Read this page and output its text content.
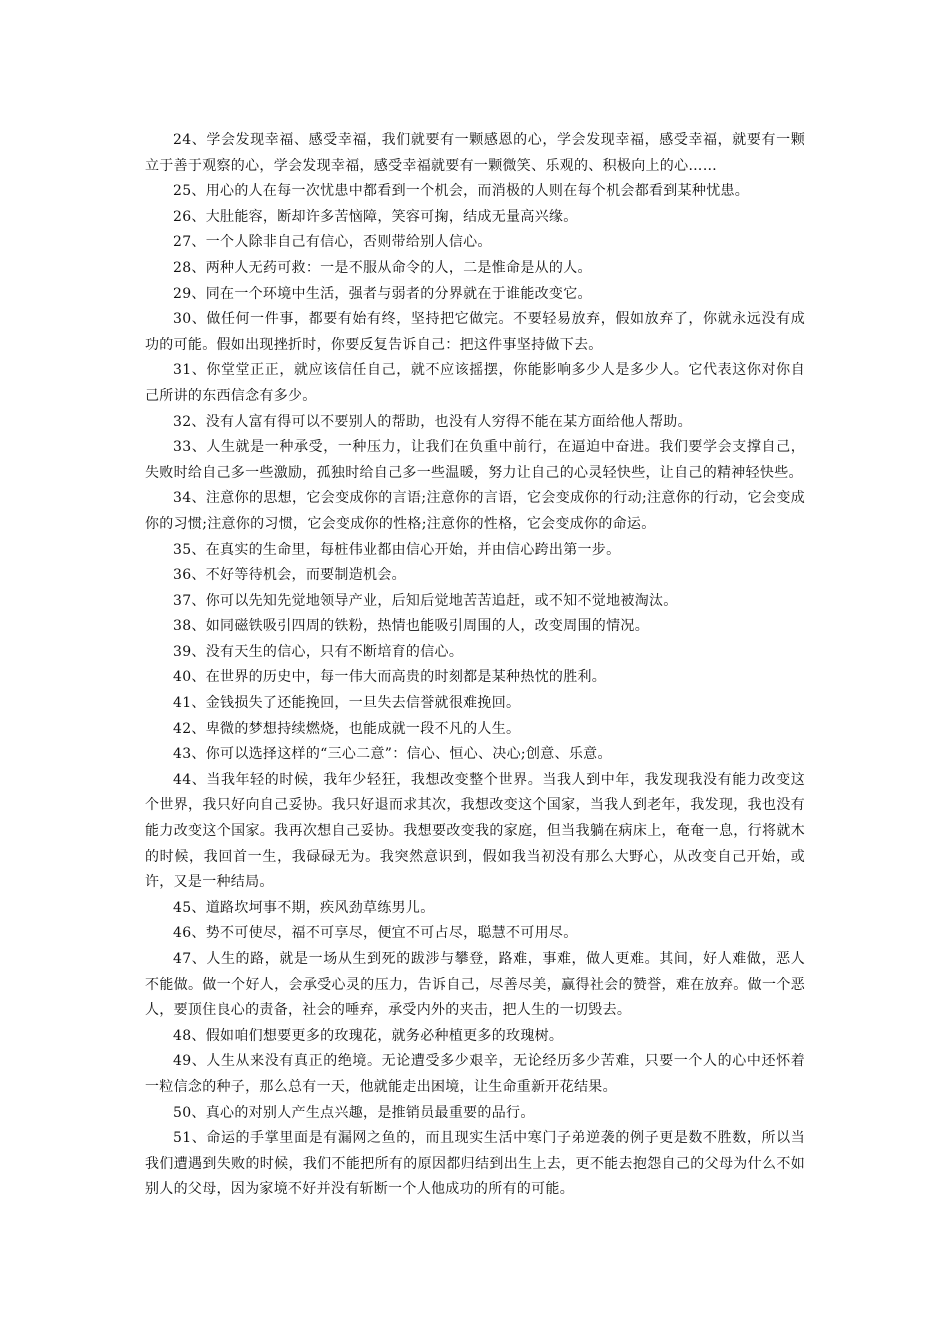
24、学会发现幸福、感受幸福，我们就要有一颗感恩的心，学会发现幸福，感受幸福，就要有一颗立于善于观察的心，学会发现幸福，感受幸福就要有一颗微笑、乐观的、积极向上的心……

25、用心的人在每一次忧患中都看到一个机会，而消极的人则在每个机会都看到某种忧患。

26、大肚能容，断却许多苦恼障，笑容可掬，结成无量高兴缘。

27、一个人除非自己有信心，否则带给别人信心。

28、两种人无药可救：一是不服从命令的人，二是惟命是从的人。

29、同在一个环境中生活，强者与弱者的分界就在于谁能改变它。

30、做任何一件事，都要有始有终，坚持把它做完。不要轻易放弃，假如放弃了，你就永远没有成功的可能。假如出现挫折时，你要反复告诉自己：把这件事坚持做下去。

31、你堂堂正正，就应该信任自己，就不应该摇摆，你能影响多少人是多少人。它代表这你对你自己所讲的东西信念有多少。

32、没有人富有得可以不要别人的帮助，也没有人穷得不能在某方面给他人帮助。

33、人生就是一种承受，一种压力，让我们在负重中前行，在逼迫中奋进。我们要学会支撑自己，失败时给自己多一些激励，孤独时给自己多一些温暖，努力让自己的心灵轻快些，让自己的精神轻快些。

34、注意你的思想，它会变成你的言语;注意你的言语，它会变成你的行动;注意你的行动，它会变成你的习惯;注意你的习惯，它会变成你的性格;注意你的性格，它会变成你的命运。

35、在真实的生命里，每桩伟业都由信心开始，并由信心跨出第一步。

36、不好等待机会，而要制造机会。

37、你可以先知先觉地领导产业，后知后觉地苦苦追赶，或不知不觉地被淘汰。

38、如同磁铁吸引四周的铁粉，热情也能吸引周围的人，改变周围的情况。

39、没有天生的信心，只有不断培育的信心。

40、在世界的历史中，每一伟大而高贵的时刻都是某种热忱的胜利。

41、金钱损失了还能挽回，一旦失去信誉就很难挽回。

42、卑微的梦想持续燃烧，也能成就一段不凡的人生。

43、你可以选择这样的“三心二意”：信心、恒心、决心;创意、乐意。

44、当我年轻的时候，我年少轻狂，我想改变整个世界。当我人到中年，我发现我没有能力改变这个世界，我只好向自己妥协。我只好退而求其次，我想改变这个国家，当我人到老年，我发现，我也没有能力改变这个国家。我再次想自己妥协。我想要改变我的家庭，但当我躺在病床上，奄奄一息，行将就木的时候，我回首一生，我碌碌无为。我突然意识到，假如我当初没有那么大野心，从改变自己开始，或许，又是一种结局。

45、道路坎坷事不期，疾风劲草练男儿。

46、势不可使尽，福不可享尽，便宜不可占尽，聪慧不可用尽。

47、人生的路，就是一场从生到死的跋涉与攀登，路难，事难，做人更难。其间，好人难做，恶人不能做。做一个好人，会承受心灵的压力，告诉自己，尽善尽美，赢得社会的赞誉，难在放弃。做一个恶人，要顶住良心的责备，社会的唾弃，承受内外的夹击，把人生的一切毁去。

48、假如咱们想要更多的玫瑰花，就务必种植更多的玫瑰树。

49、人生从来没有真正的绝境。无论遭受多少艰辛，无论经历多少苦难，只要一个人的心中还怀着一粒信念的种子，那么总有一天，他就能走出困境，让生命重新开花结果。

50、真心的对别人产生点兴趣，是推销员最重要的品行。

51、命运的手掌里面是有漏网之鱼的，而且现实生活中寒门子弟逆袭的例子更是数不胜数，所以当我们遭遇到失败的时候，我们不能把所有的原因都归结到出生上去，更不能去抱怨自己的父母为什么不如别人的父母，因为家境不好并没有斩断一个人他成功的所有的可能。
